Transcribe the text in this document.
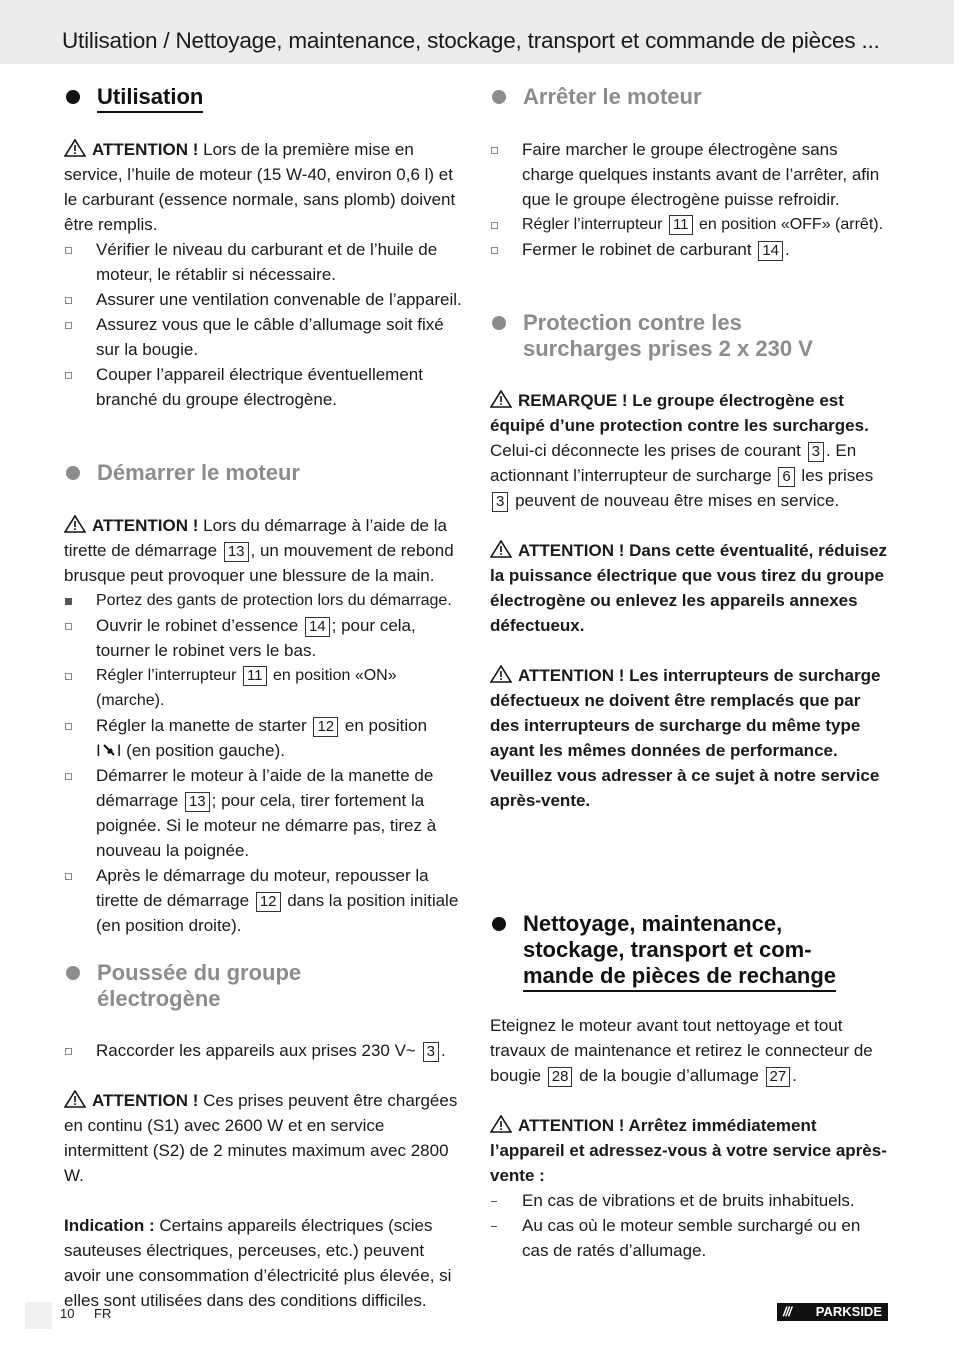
Utilisation / Nettoyage, maintenance, stockage, transport et commande de pièces ...

Utilisation

ATTENTION ! Lors de la première mise en service, l’huile de moteur (15 W-40, environ 0,6 l) et le carburant (essence normale, sans plomb) doivent être remplis.

Vérifier le niveau du carburant et de l’huile de moteur, le rétablir si nécessaire.

Assurer une ventilation convenable de l’appareil.

Assurez vous que le câble d’allumage soit fixé sur la bougie.

Couper l’appareil électrique éventuellement branché du groupe électrogène.

Démarrer le moteur

ATTENTION ! Lors du démarrage à l’aide de la tirette de démarrage 13 , un mouvement de rebond brusque peut provoquer une blessure de la main.

Portez des gants de protection lors du démarrage.

Ouvrir le robinet d’essence 14 ; pour cela, tourner le robinet vers le bas.

Régler l’interrupteur 11 en position «ON» (marche).

Régler la manette de starter 12 en position
I I (en position gauche).

Démarrer le moteur à l’aide de la manette de démarrage 13 ; pour cela, tirer fortement la poignée. Si le moteur ne démarre pas, tirez à nouveau la poignée.

Après le démarrage du moteur, repousser la tirette de démarrage 12 dans la position initiale (en position droite).

Poussée du groupe
électrogène

Raccorder les appareils aux prises 230 V~ 3 .

ATTENTION ! Ces prises peuvent être chargées en continu (S1) avec 2600 W et en service intermittent (S2) de 2 minutes maximum avec 2800 W.

Indication : Certains appareils électriques (scies sauteuses électriques, perceuses, etc.) peuvent avoir une consommation d’électricité plus élevée, si elles sont utilisées dans des conditions difficiles.

Arrêter le moteur

Faire marcher le groupe électrogène sans charge quelques instants avant de l’arrêter, afin que le groupe électrogène puisse refroidir.

Régler l’interrupteur 11 en position «OFF» (arrêt).

Fermer le robinet de carburant 14 .

Protection contre les
surcharges prises 2 x 230 V

REMARQUE ! Le groupe électrogène est équipé d’une protection contre les surcharges. Celui-ci déconnecte les prises de courant 3 . En actionnant l’interrupteur de surcharge 6 les prises 3 peuvent de nouveau être mises en service.

ATTENTION ! Dans cette éventualité, réduisez la puissance électrique que vous tirez du groupe électrogène ou enlevez les appareils annexes défectueux.

ATTENTION ! Les interrupteurs de surcharge défectueux ne doivent être remplacés que par des interrupteurs de surcharge du même type ayant les mêmes données de performance. Veuillez vous adresser à ce sujet à notre service après-vente.

Nettoyage, maintenance,
stockage, transport et com-
mande de pièces de rechange

Eteignez le moteur avant tout nettoyage et tout travaux de maintenance et retirez le connecteur de bougie 28 de la bougie d’allumage 27 .

ATTENTION ! Arrêtez immédiatement l’appareil et adressez-vous à votre service après-vente :

En cas de vibrations et de bruits inhabituels.

Au cas où le moteur semble surchargé ou en cas de ratés d’allumage.

10 FR	/// PARKSIDE
